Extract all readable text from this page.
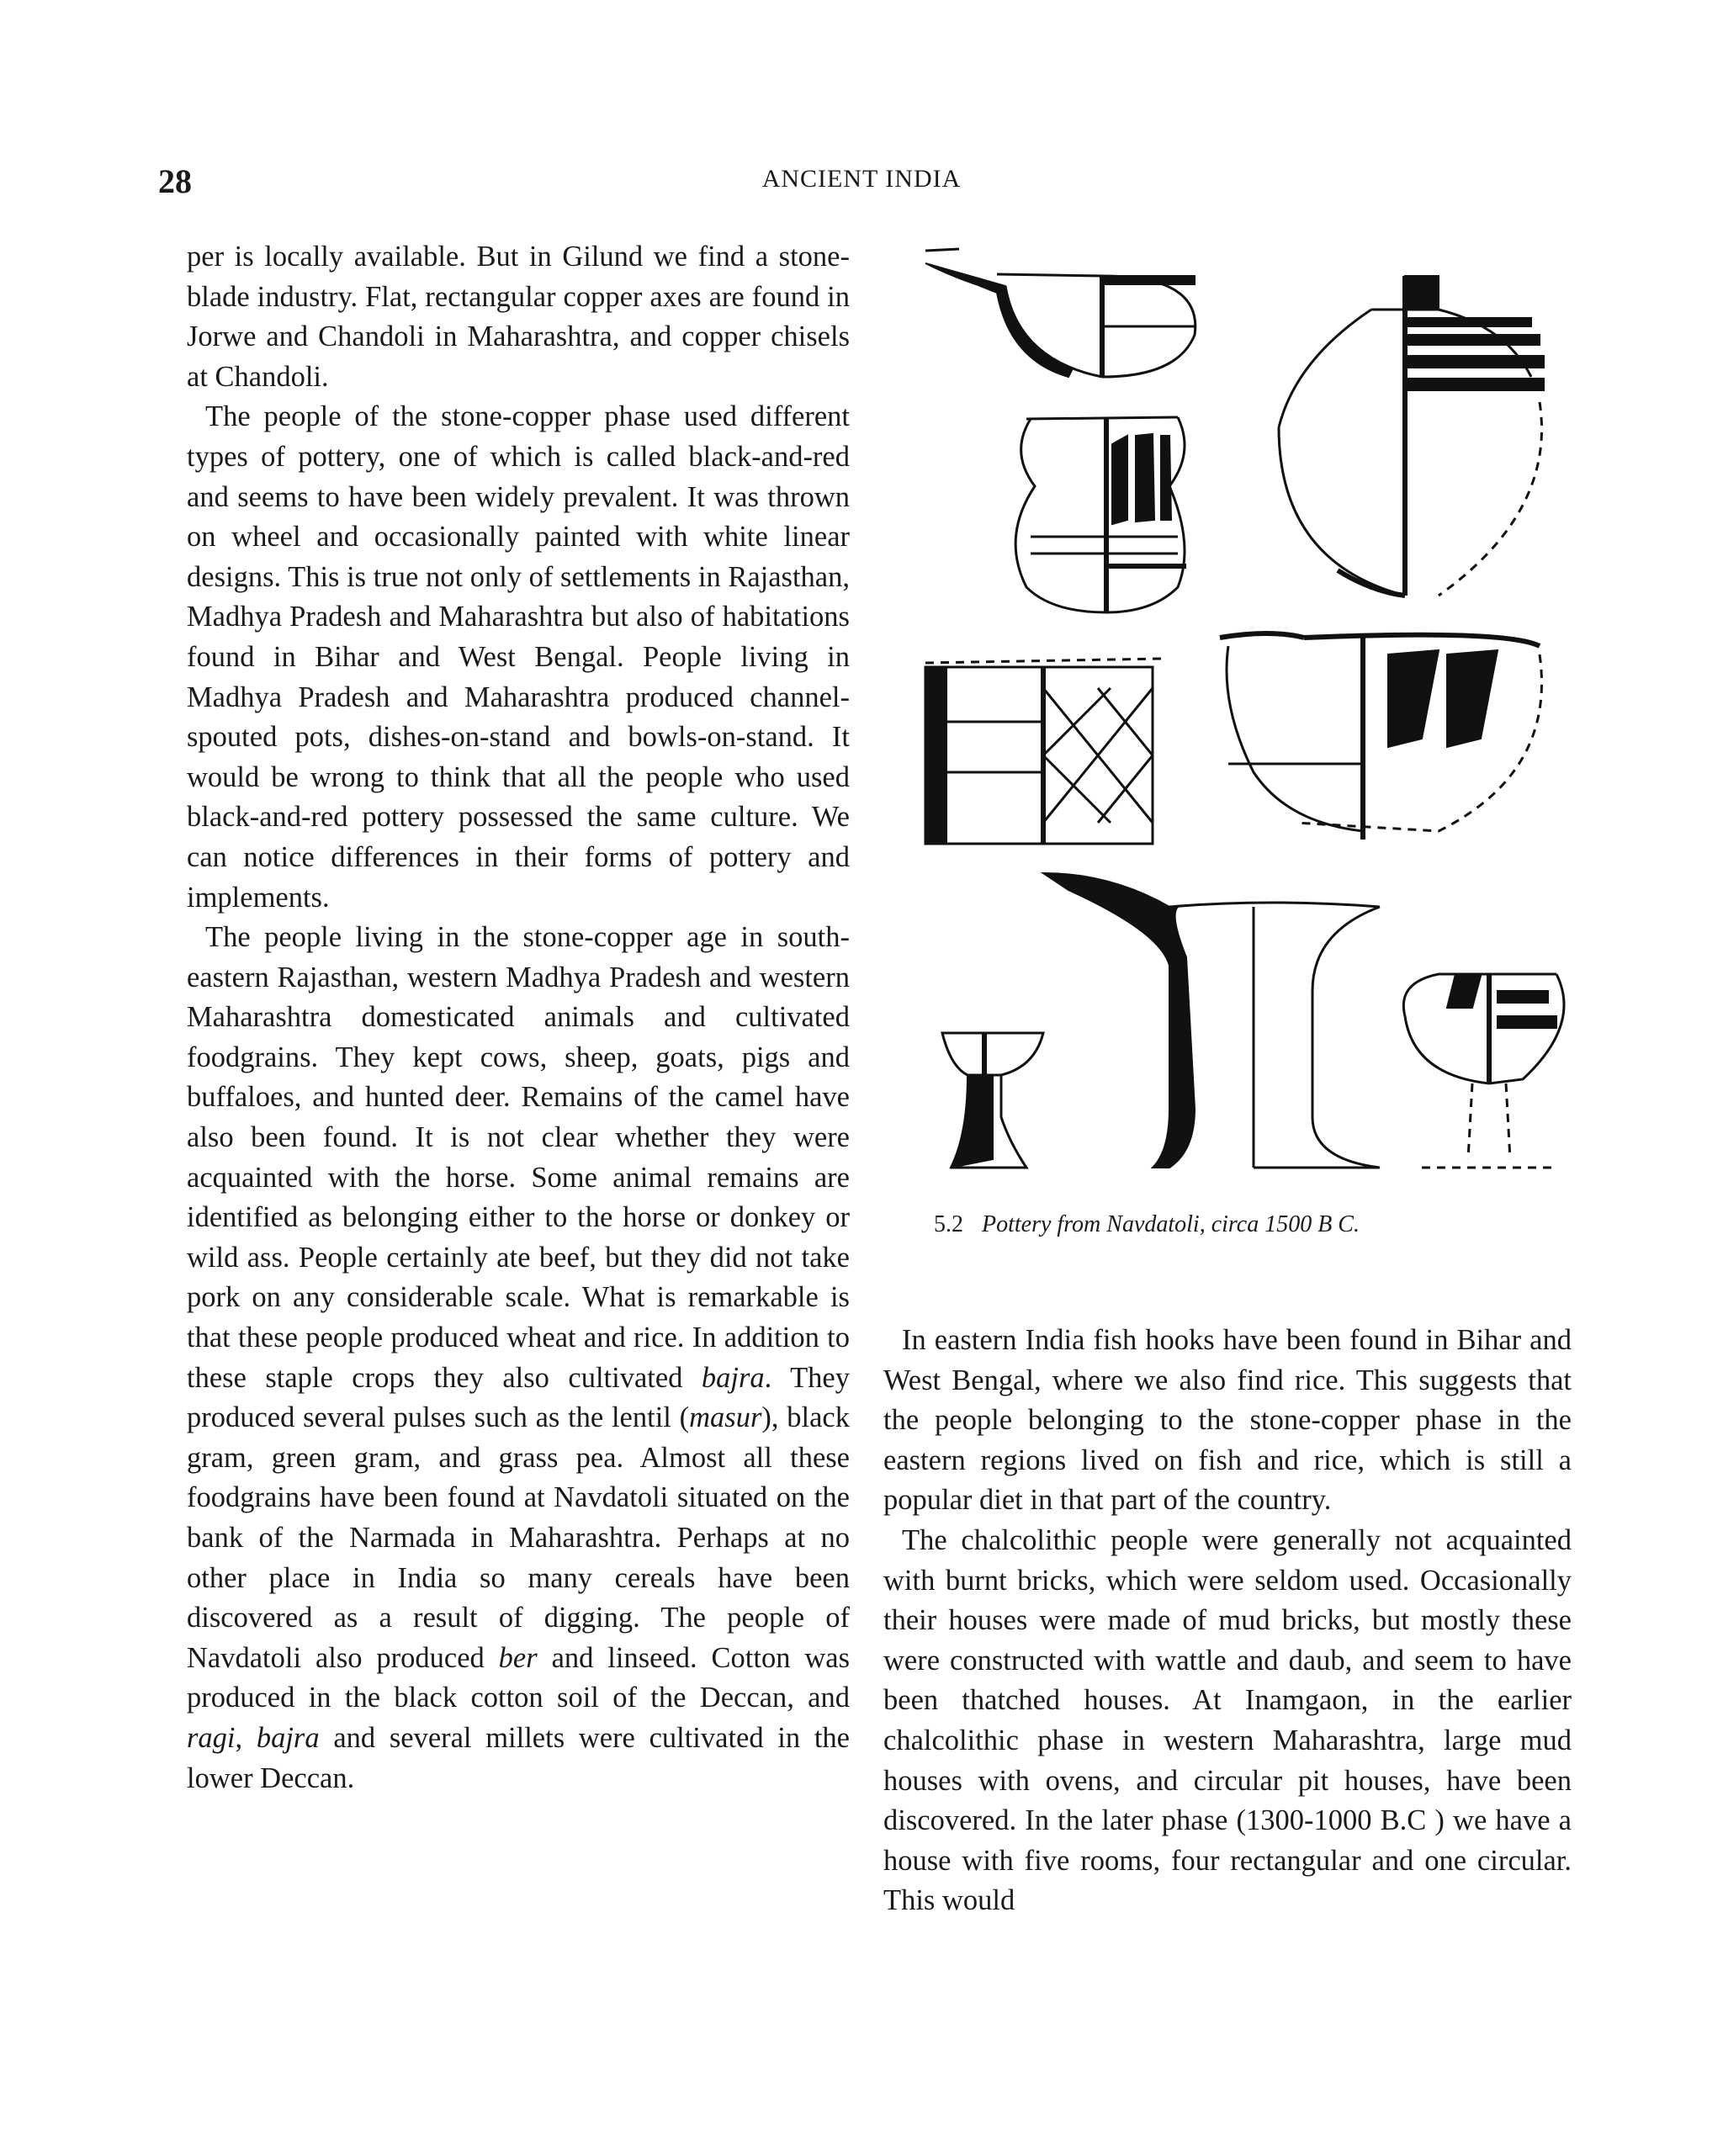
28	ANCIENT INDIA

per is locally available. But in Gilund we find a stone-blade industry. Flat, rectangular copper axes are found in Jorwe and Chandoli in Maharashtra, and copper chisels at Chandoli.

The people of the stone-copper phase used different types of pottery, one of which is called black-and-red and seems to have been widely prevalent. It was thrown on wheel and occasionally painted with white linear designs. This is true not only of settlements in Rajasthan, Madhya Pradesh and Maharashtra but also of habitations found in Bihar and West Bengal. People living in Madhya Pradesh and Maharashtra produced channel-spouted pots, dishes-on-stand and bowls-on-stand. It would be wrong to think that all the people who used black-and-red pottery possessed the same culture. We can notice differences in their forms of pottery and implements.

The people living in the stone-copper age in south-eastern Rajasthan, western Madhya Pradesh and western Maharashtra domesticated animals and cultivated foodgrains. They kept cows, sheep, goats, pigs and buffaloes, and hunted deer. Remains of the camel have also been found. It is not clear whether they were acquainted with the horse. Some animal remains are identified as belonging either to the horse or donkey or wild ass. People certainly ate beef, but they did not take pork on any considerable scale. What is remarkable is that these people produced wheat and rice. In addition to these staple crops they also cultivated bajra. They produced several pulses such as the lentil (masur), black gram, green gram, and grass pea. Almost all these foodgrains have been found at Navdatoli situated on the bank of the Narmada in Maharashtra. Perhaps at no other place in India so many cereals have been discovered as a result of digging. The people of Navdatoli also produced ber and linseed. Cotton was produced in the black cotton soil of the Deccan, and ragi, bajra and several millets were cultivated in the lower Deccan.

5.2 Pottery from Navdatoli, circa 1500 B C.

In eastern India fish hooks have been found in Bihar and West Bengal, where we also find rice. This suggests that the people belonging to the stone-copper phase in the eastern regions lived on fish and rice, which is still a popular diet in that part of the country.

The chalcolithic people were generally not acquainted with burnt bricks, which were seldom used. Occasionally their houses were made of mud bricks, but mostly these were constructed with wattle and daub, and seem to have been thatched houses. At Inamgaon, in the earlier chalcolithic phase in western Maharashtra, large mud houses with ovens, and circular pit houses, have been discovered. In the later phase (1300-1000 B.C ) we have a house with five rooms, four rectangular and one circular. This would
